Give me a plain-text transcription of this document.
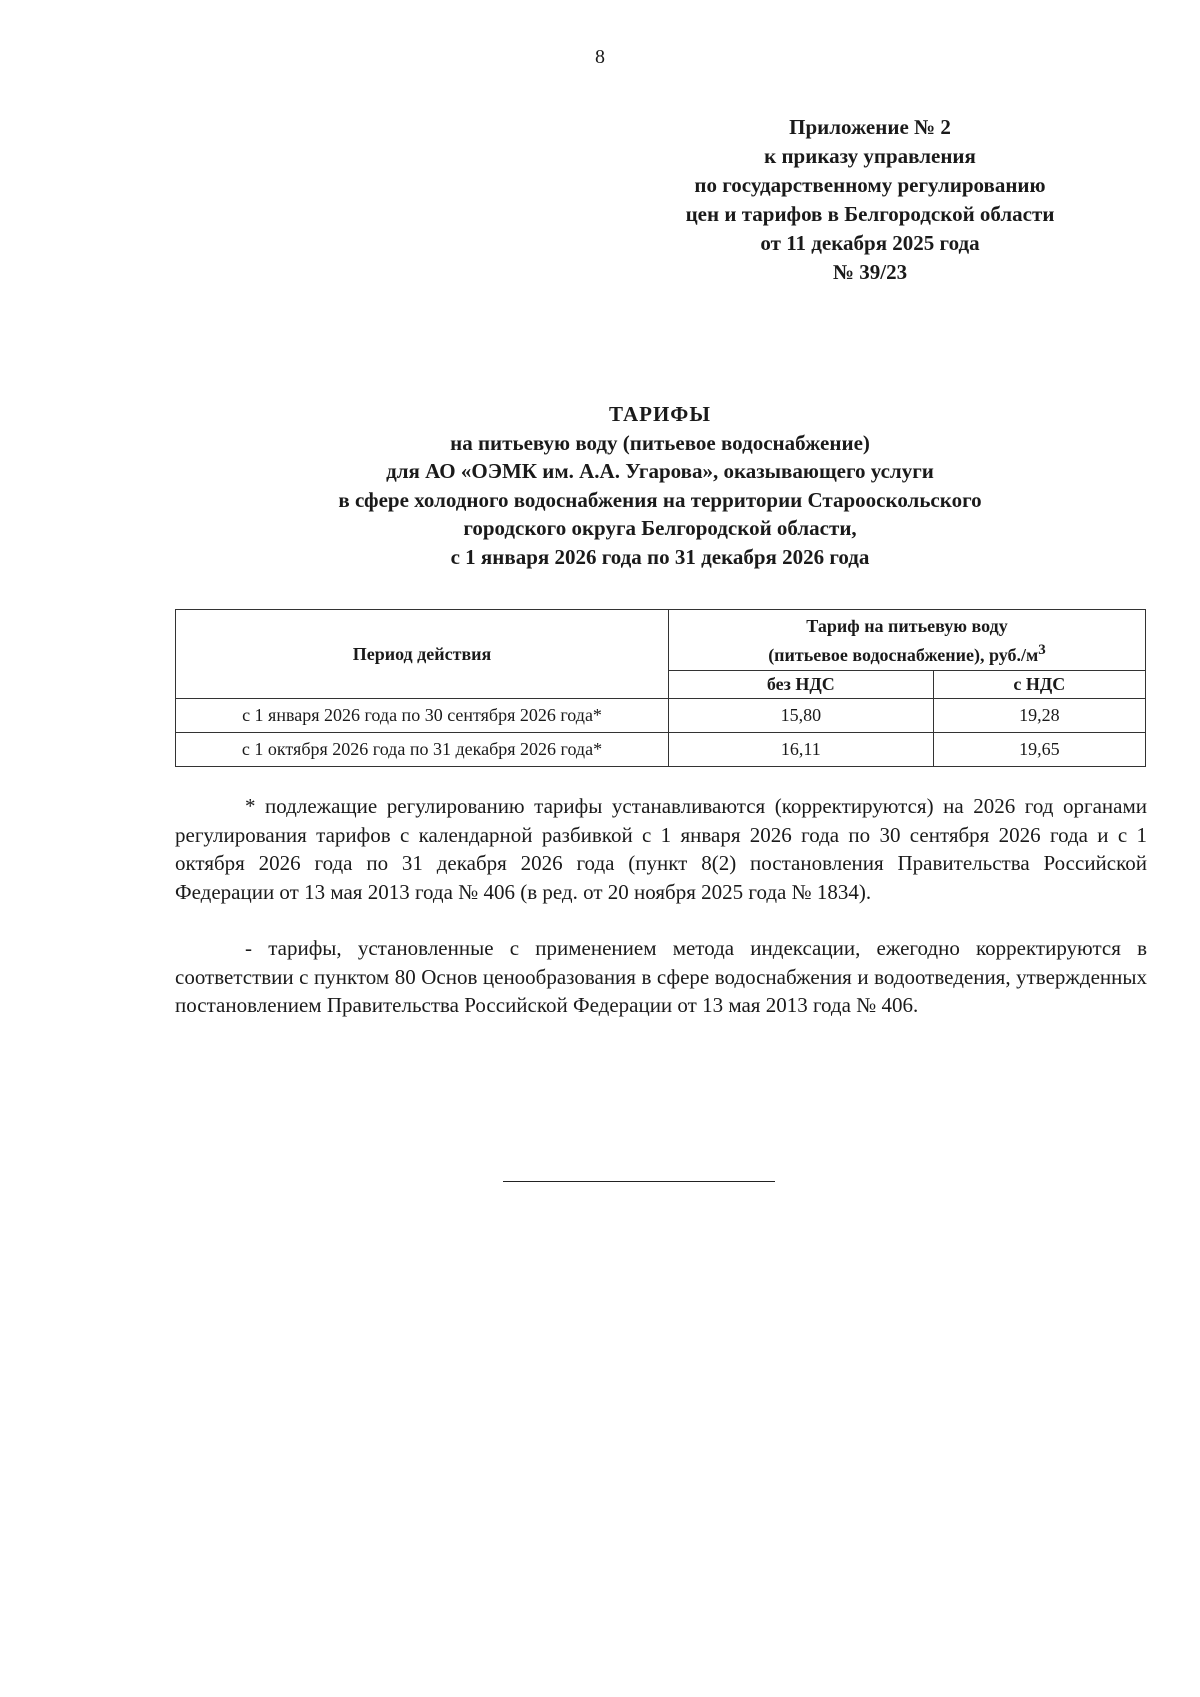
8
Приложение № 2
к приказу управления
по государственному регулированию
цен и тарифов в Белгородской области
от 11 декабря 2025 года
№ 39/23
ТАРИФЫ
на питьевую воду (питьевое водоснабжение)
для АО «ОЭМК им. А.А. Угарова», оказывающего услуги
в сфере холодного водоснабжения на территории Старооскольского
городского округа Белгородской области,
с 1 января 2026 года по 31 декабря 2026 года
Период действия	Тариф на питьевую воду
(питьевое водоснабжение), $руб./м^3$
	без НДС	с НДС
с 1 января 2026 года по 30 сентября 2026 года*	15,80	19,28
с 1 октября 2026 года по 31 декабря 2026 года*	16,11	19,65

* подлежащие регулированию тарифы устанавливаются (корректируются) на 2026 год органами регулирования тарифов с календарной разбивкой с 1 января 2026 года по 30 сентября 2026 года и с 1 октября 2026 года по 31 декабря 2026 года (пункт 8(2) постановления Правительства Российской Федерации от 13 мая 2013 года № 406 (в ред. от 20 ноября 2025 года № 1834).

- тарифы, установленные с применением метода индексации, ежегодно корректируются в соответствии с пунктом 80 Основ ценообразования в сфере водоснабжения и водоотведения, утвержденных постановлением Правительства Российской Федерации от 13 мая 2013 года № 406.
